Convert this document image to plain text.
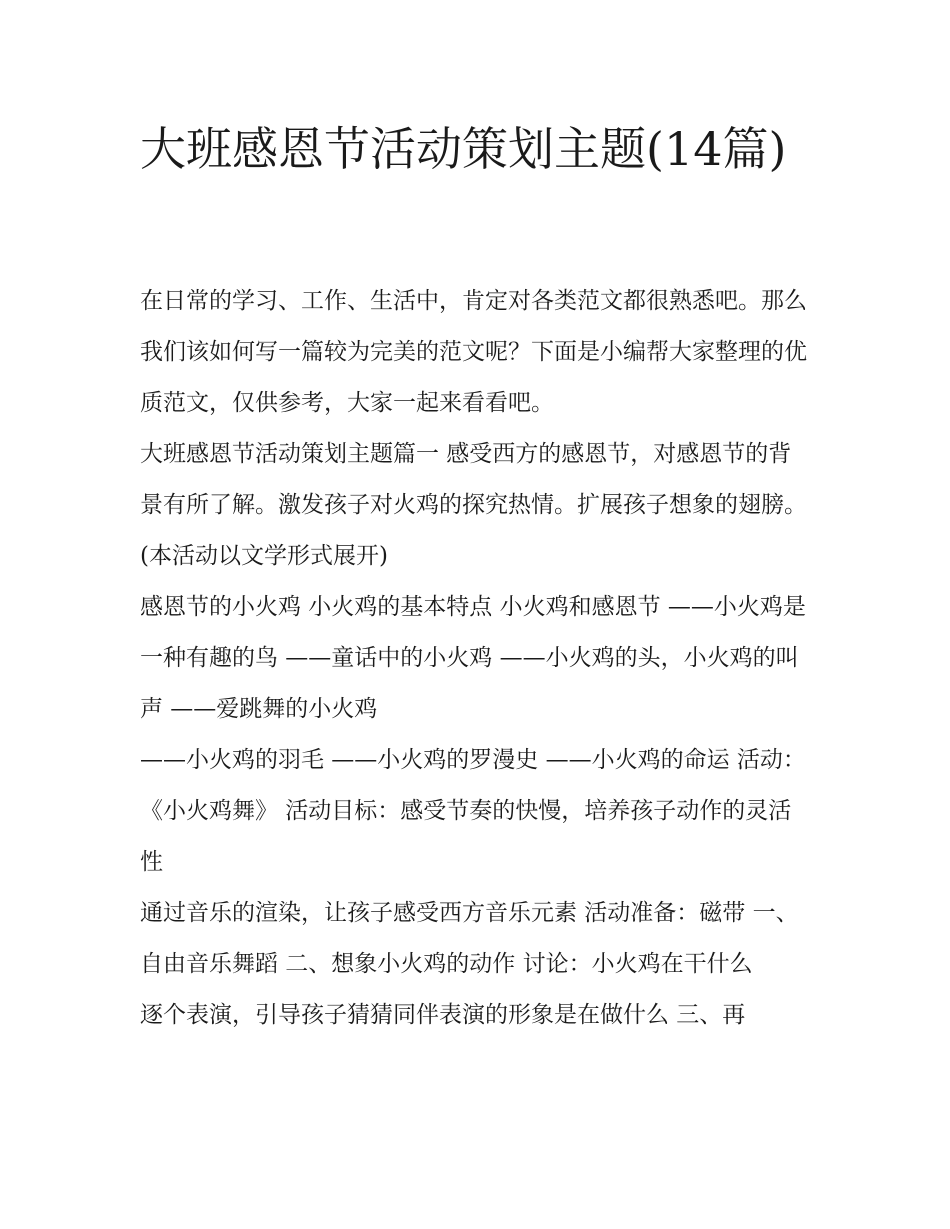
大班感恩节活动策划主题(14篇)

在日常的学习、工作、生活中，肯定对各类范文都很熟悉吧。那么我们该如何写一篇较为完美的范文呢？下面是小编帮大家整理的优质范文，仅供参考，大家一起来看看吧。

大班感恩节活动策划主题篇一 感受西方的感恩节，对感恩节的背景有所了解。激发孩子对火鸡的探究热情。扩展孩子想象的翅膀。 (本活动以文学形式展开)

感恩节的小火鸡 小火鸡的基本特点 小火鸡和感恩节 ——小火鸡是一种有趣的鸟 ——童话中的小火鸡 ——小火鸡的头，小火鸡的叫声 ——爱跳舞的小火鸡

——小火鸡的羽毛 ——小火鸡的罗漫史 ——小火鸡的命运 活动：《小火鸡舞》 活动目标：感受节奏的快慢，培养孩子动作的灵活性

通过音乐的渲染，让孩子感受西方音乐元素 活动准备：磁带 一、自由音乐舞蹈 二、想象小火鸡的动作 讨论：小火鸡在干什么

逐个表演，引导孩子猜猜同伴表演的形象是在做什么 三、再
